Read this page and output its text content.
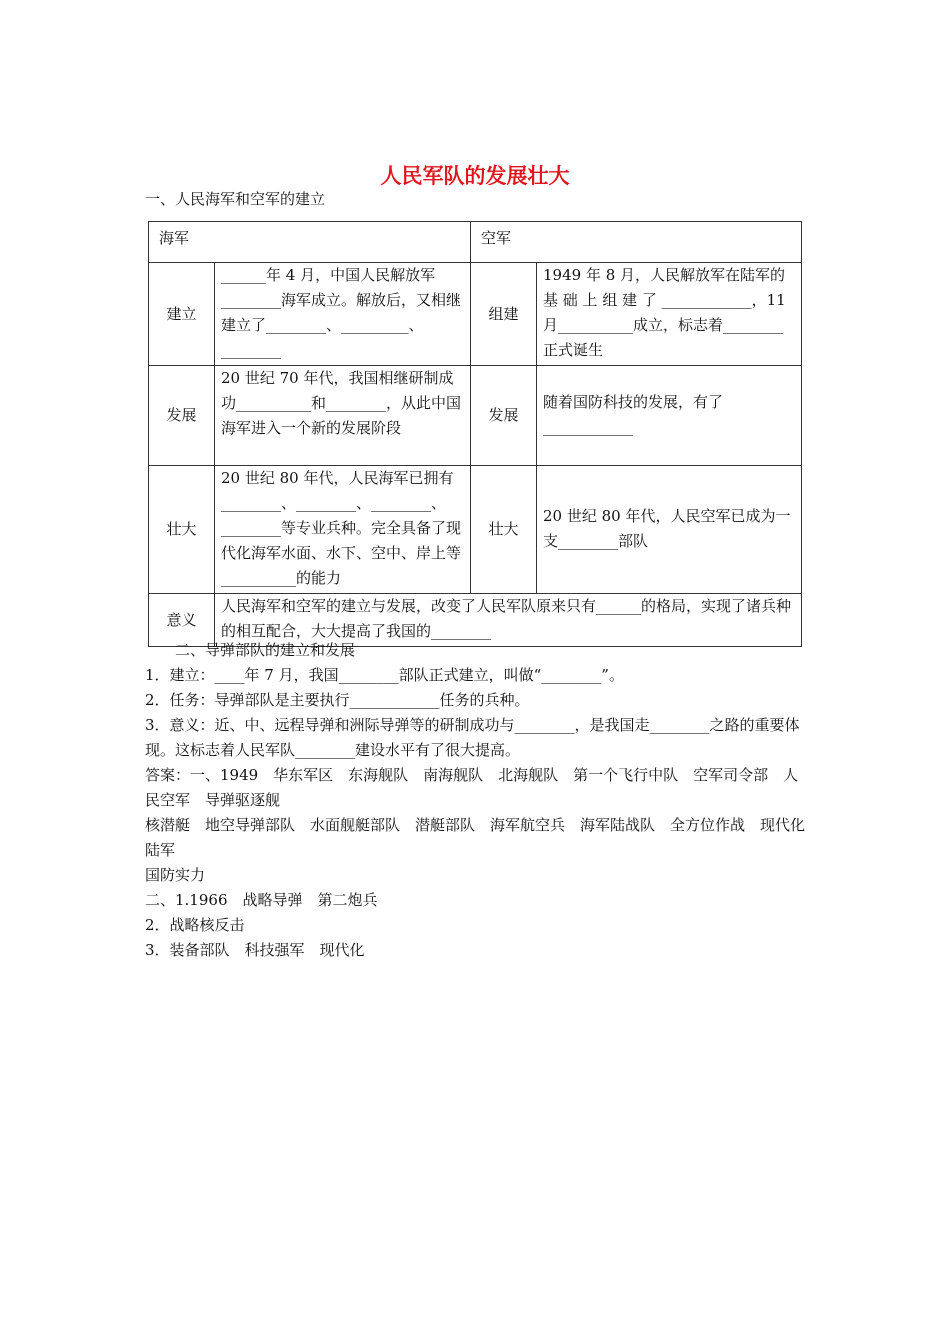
人民军队的发展壮大
一、人民海军和空军的建立
海军		空军	
建立	______年 4 月，中国人民解放军________海军成立。解放后，又相继建立了________、_________、________	组建	1949 年 8 月，人民解放军在陆军的 基 础 上 组 建 了 ____________，11 月__________成立，标志着________正式诞生
发展	20 世纪 70 年代，我国相继研制成功__________和________，从此中国海军进入一个新的发展阶段	发展	随着国防科技的发展，有了____________
壮大	20 世纪 80 年代，人民海军已拥有________、________、________、________等专业兵种。完全具备了现代化海军水面、水下、空中、岸上等__________的能力	壮大	20 世纪 80 年代，人民空军已成为一支________部队
意义	人民海军和空军的建立与发展，改变了人民军队原来只有______的格局，实现了诸兵种的相互配合，大大提高了我国的________		
二、导弹部队的建立和发展
1．建立：____年 7 月，我国________部队正式建立，叫做“________”。
2．任务：导弹部队是主要执行____________任务的兵种。
3．意义：近、中、远程导弹和洲际导弹等的研制成功与________，是我国走________之路的重要体现。这标志着人民军队________建设水平有了很大提高。
答案：一、1949　华东军区　东海舰队　南海舰队　北海舰队　第一个飞行中队　空军司令部　人民空军　导弹驱逐舰
核潜艇　地空导弹部队　水面舰艇部队　潜艇部队　海军航空兵　海军陆战队　全方位作战　现代化　陆军
国防实力
二、1.1966　战略导弹　第二炮兵
2．战略核反击
3．装备部队　科技强军　现代化
